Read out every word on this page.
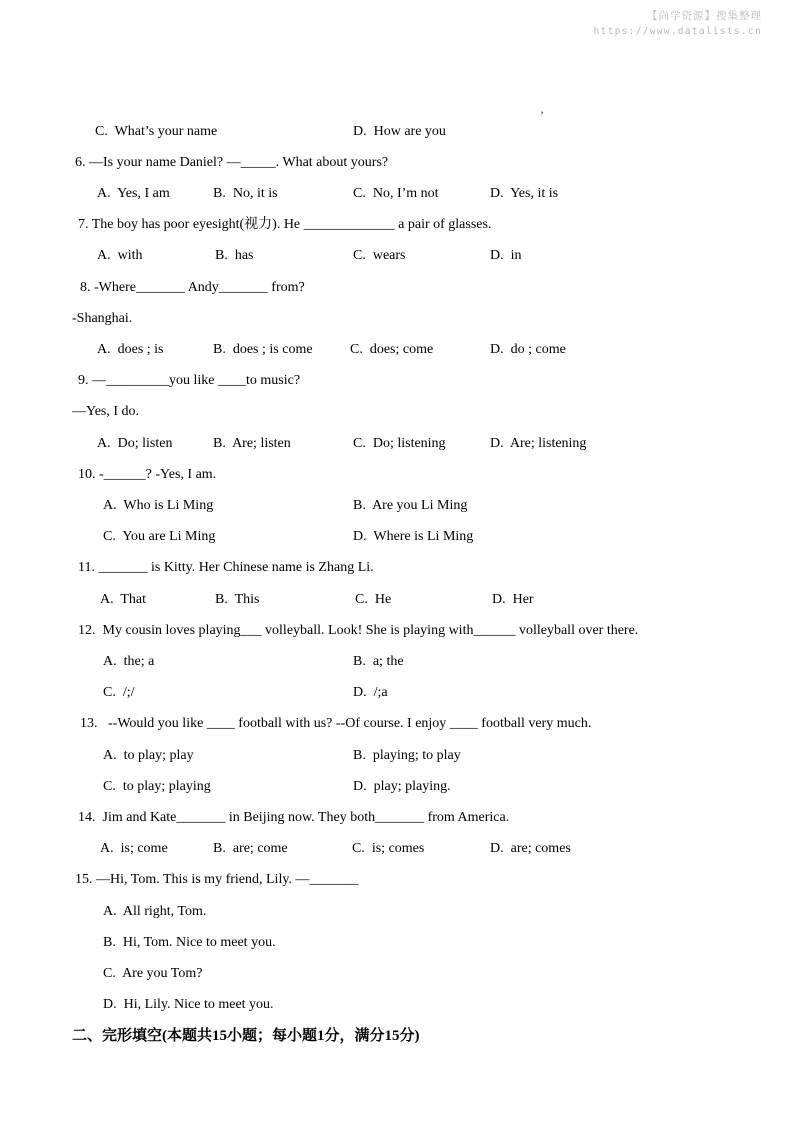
【尚学资源】搜集整理
https://www.datalists.cn
’
C.  What’s your name	D.  How are you
6. —Is your name Daniel? —_____. What about yours?
A.  Yes, I am	B.  No, it is	C.  No, I’m not	D.  Yes, it is
7. The boy has poor eyesight(视力). He _____________ a pair of glasses.
A.  with	B.  has	C.  wears	D.  in
8. -Where_______ Andy_______ from?
-Shanghai.
A.  does ; is	B.  does ; is come	C.  does; come	D.  do ; come
9. —_________you like ____to music?
—Yes, I do.
A.  Do; listen	B.  Are; listen	C.  Do; listening	D.  Are; listening
10. -______? -Yes, I am.
A.  Who is Li Ming	B.  Are you Li Ming
C.  You are Li Ming	D.  Where is Li Ming
11. _______ is Kitty. Her Chinese name is Zhang Li.
A.  That	B.  This	C.  He	D.  Her
12.  My cousin loves playing___ volleyball. Look! She is playing with______ volleyball over there.
A.  the; a	B.  a; the
C.  /;/	D.  /;a
13.   --Would you like ____ football with us? --Of course. I enjoy ____ football very much.
A.  to play; play	B.  playing; to play
C.  to play; playing	D.  play; playing.
14.  Jim and Kate_______ in Beijing now. They both_______ from America.
A.  is; come	B.  are; come	C.  is; comes	D.  are; comes
15. —Hi, Tom. This is my friend, Lily. —_______
A.  All right, Tom.
B.  Hi, Tom. Nice to meet you.
C.  Are you Tom?
D.  Hi, Lily. Nice to meet you.
二、完形填空(本题共15小题；每小题1分，满分15分)
